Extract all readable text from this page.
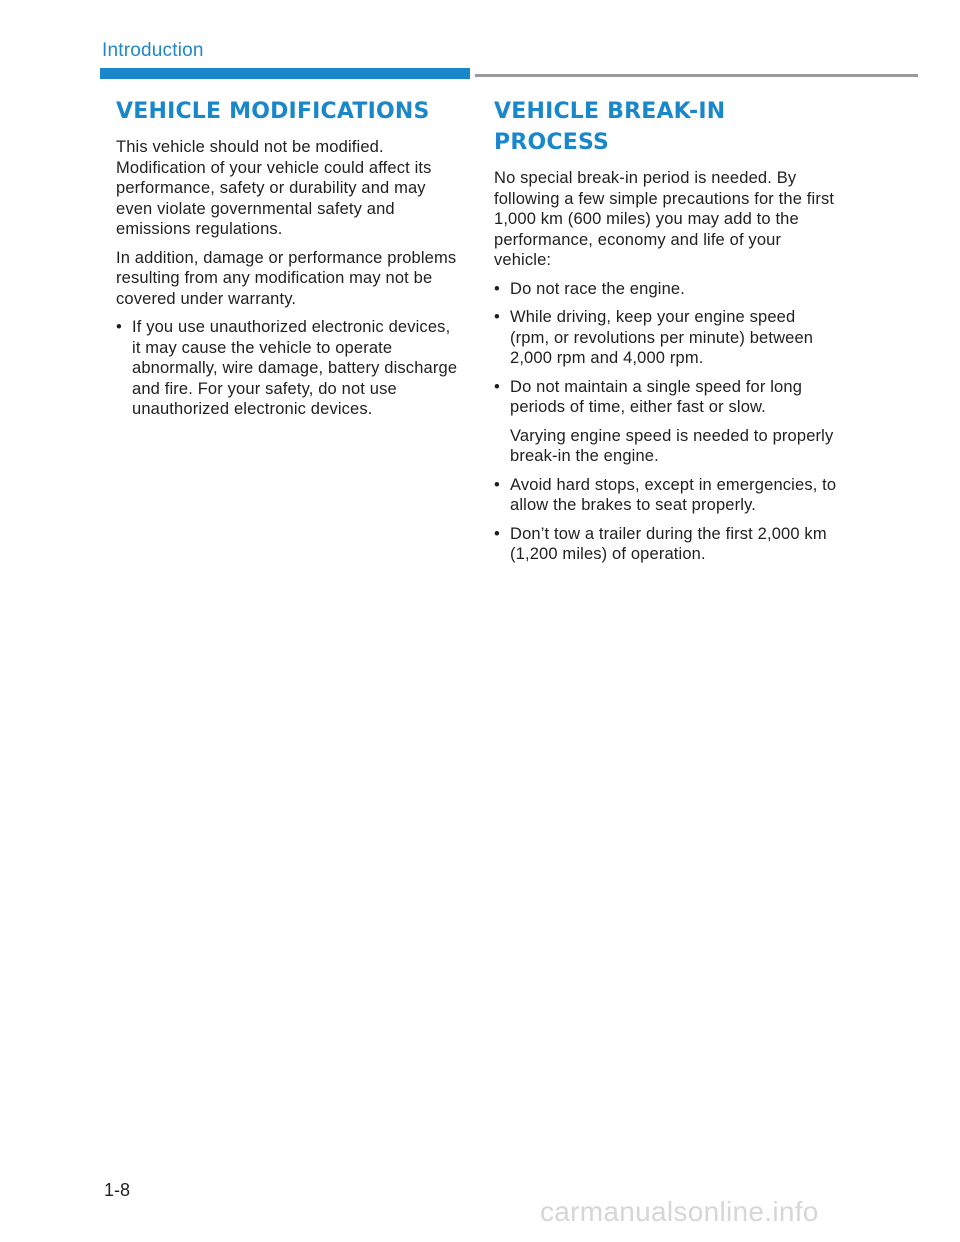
Introduction
VEHICLE MODIFICATIONS

This vehicle should not be modified. Modification of your vehicle could affect its performance, safety or durability and may even violate governmental safety and emissions regulations.

In addition, damage or performance problems resulting from any modification may not be covered under warranty.

• If you use unauthorized electronic devices, it may cause the vehicle to operate abnormally, wire damage, battery discharge and fire. For your safety, do not use unauthorized electronic devices.
VEHICLE BREAK-IN
PROCESS

No special break-in period is needed. By following a few simple precautions for the first 1,000 km (600 miles) you may add to the performance, economy and life of your vehicle:

• Do not race the engine.
• While driving, keep your engine speed (rpm, or revolutions per minute) between 2,000 rpm and 4,000 rpm.
• Do not maintain a single speed for long periods of time, either fast or slow.
Varying engine speed is needed to properly break-in the engine.
• Avoid hard stops, except in emergencies, to allow the brakes to seat properly.
• Don’t tow a trailer during the first 2,000 km (1,200 miles) of operation.
1-8
carmanualsonline.info
